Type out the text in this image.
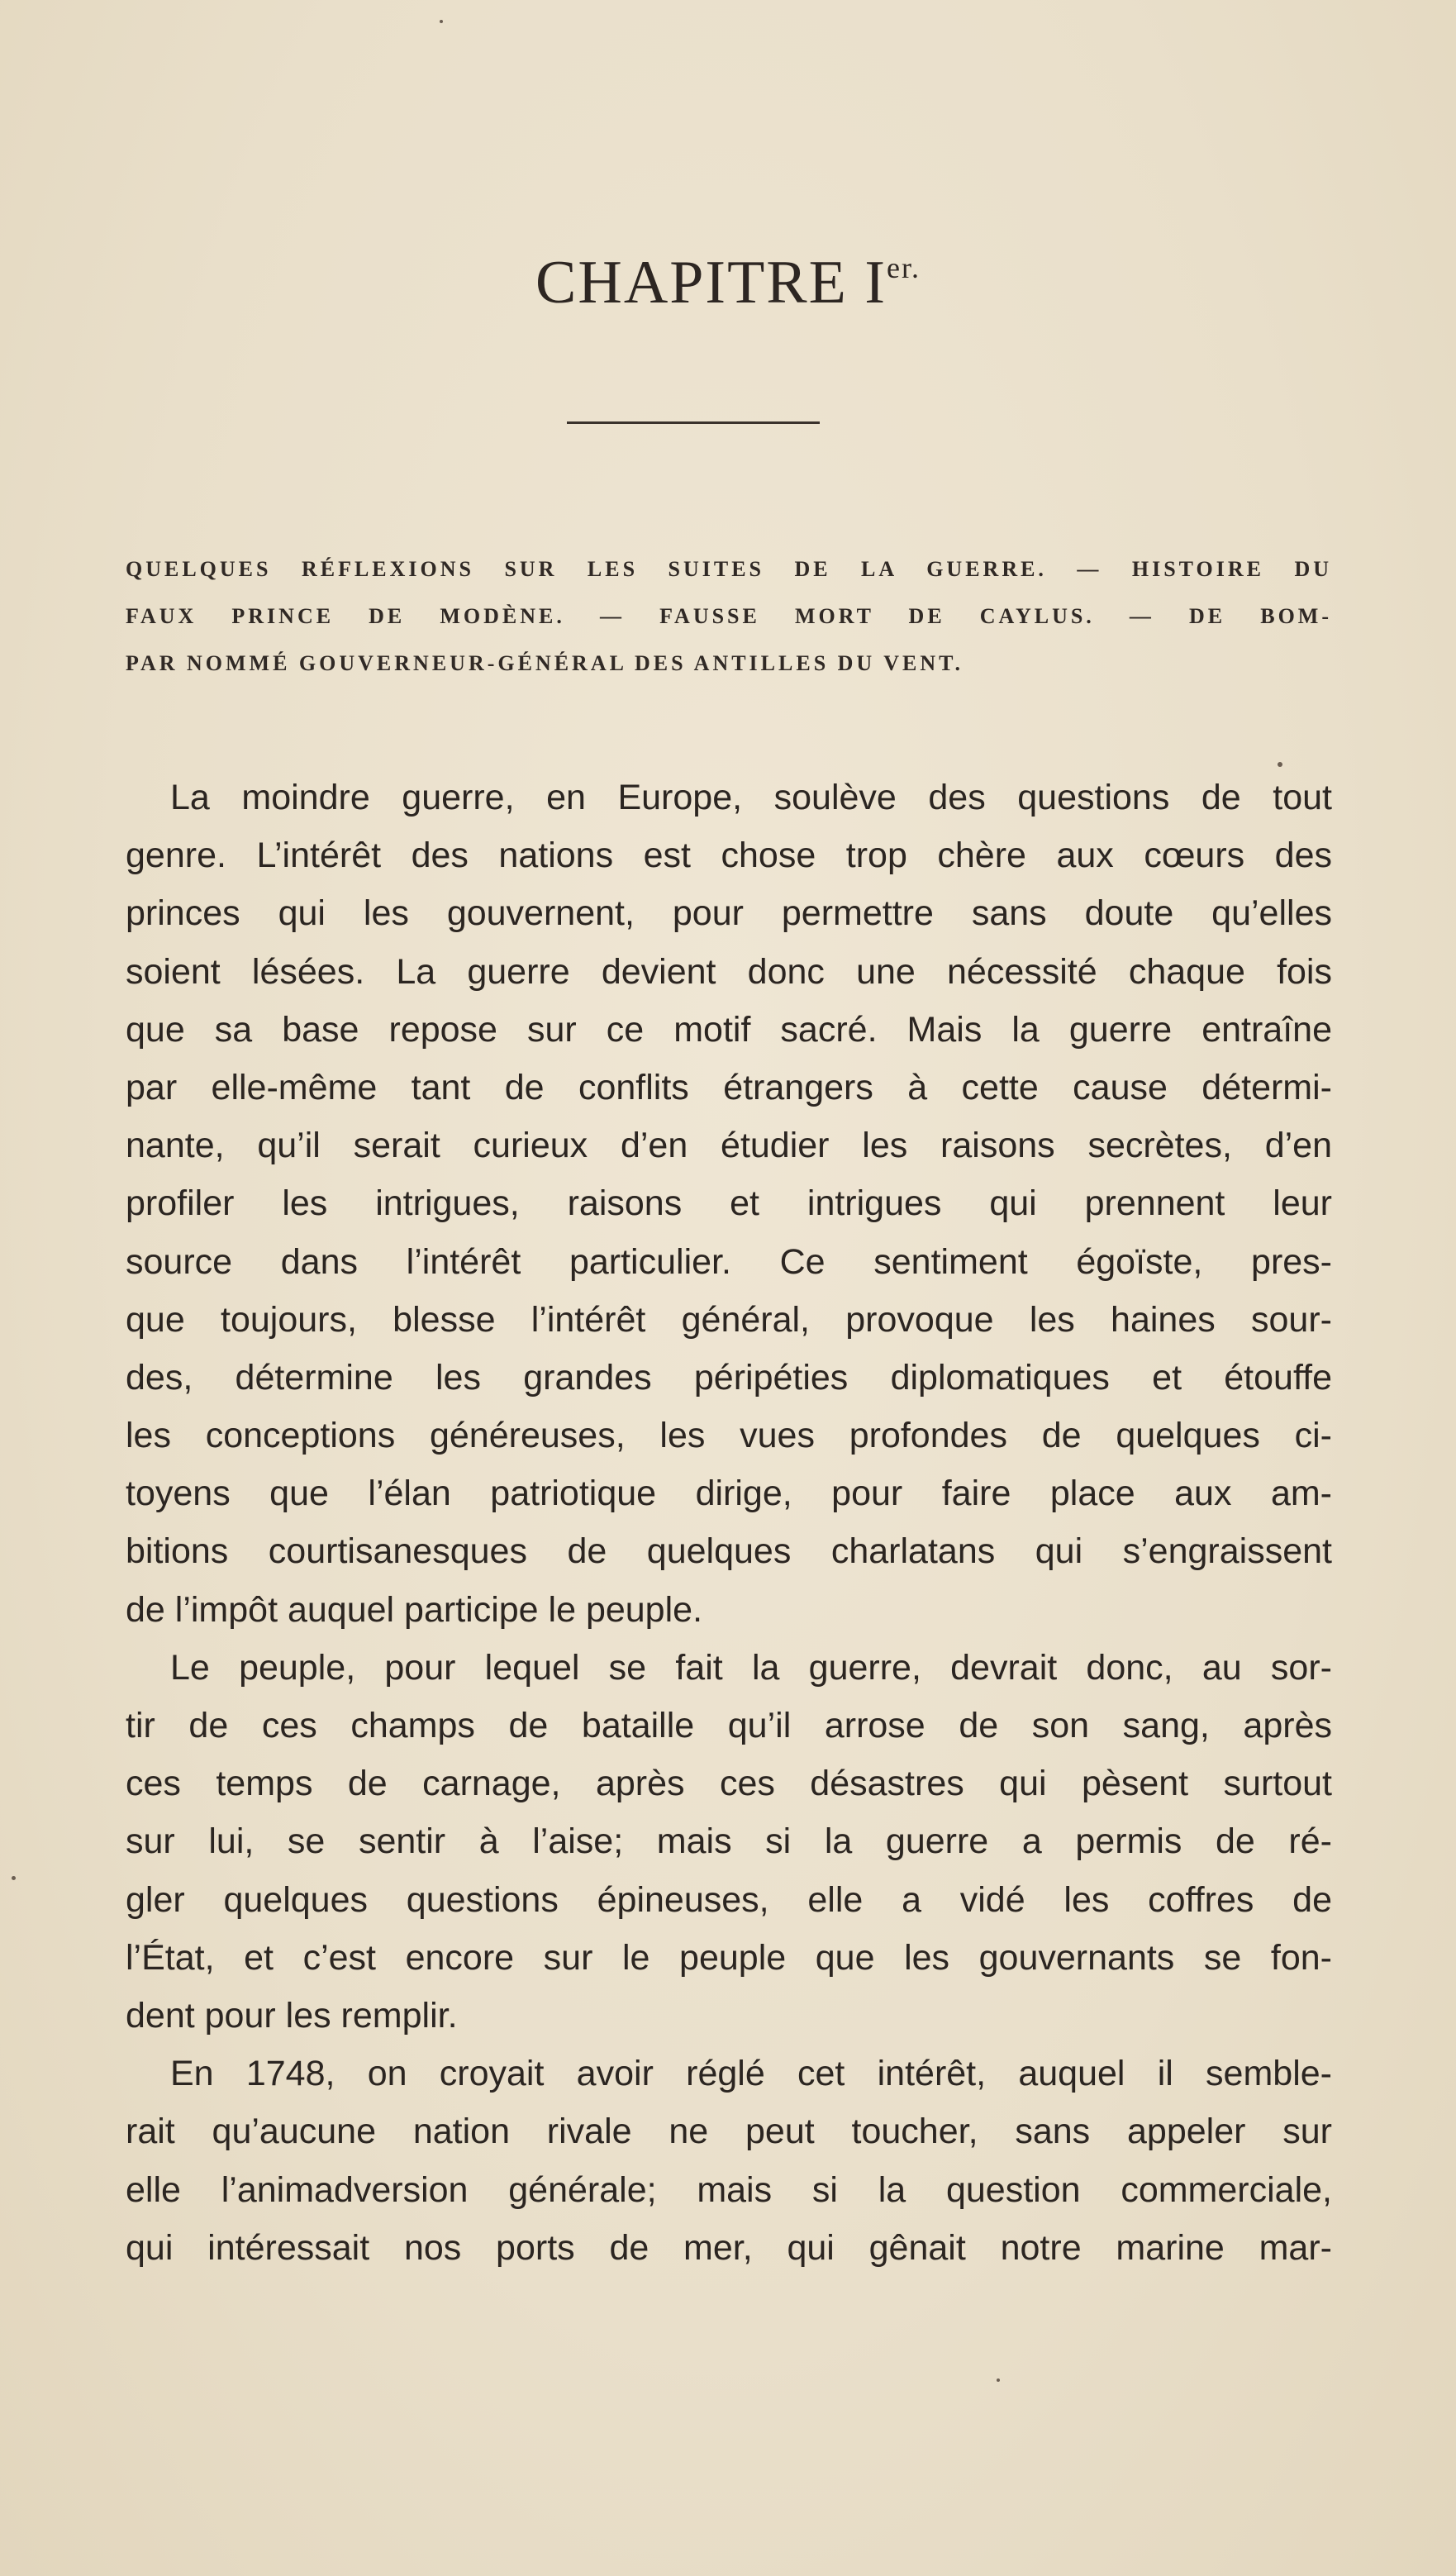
CHAPITRE $I^{er.}$
QUELQUES RÉFLEXIONS SUR LES SUITES DE LA GUERRE. — HISTOIRE DU
FAUX PRINCE DE MODÈNE. — FAUSSE MORT DE CAYLUS. — DE BOM-
PAR NOMMÉ GOUVERNEUR-GÉNÉRAL DES ANTILLES DU VENT.
La moindre guerre, en Europe, soulève des questions de tout
genre. L’intérêt des nations est chose trop chère aux cœurs des
princes qui les gouvernent, pour permettre sans doute qu’elles
soient lésées. La guerre devient donc une nécessité chaque fois
que sa base repose sur ce motif sacré. Mais la guerre entraîne
par elle-même tant de conflits étrangers à cette cause détermi-
nante, qu’il serait curieux d’en étudier les raisons secrètes, d’en
profiler les intrigues, raisons et intrigues qui prennent leur
source dans l’intérêt particulier. Ce sentiment égoïste, pres-
que toujours, blesse l’intérêt général, provoque les haines sour-
des, détermine les grandes péripéties diplomatiques et étouffe
les conceptions généreuses, les vues profondes de quelques ci-
toyens que l’élan patriotique dirige, pour faire place aux am-
bitions courtisanesques de quelques charlatans qui s’engraissent
de l’impôt auquel participe le peuple.
Le peuple, pour lequel se fait la guerre, devrait donc, au sor-
tir de ces champs de bataille qu’il arrose de son sang, après
ces temps de carnage, après ces désastres qui pèsent surtout
sur lui, se sentir à l’aise; mais si la guerre a permis de ré-
gler quelques questions épineuses, elle a vidé les coffres de
l’État, et c’est encore sur le peuple que les gouvernants se fon-
dent pour les remplir.
En 1748, on croyait avoir réglé cet intérêt, auquel il semble-
rait qu’aucune nation rivale ne peut toucher, sans appeler sur
elle l’animadversion générale; mais si la question commerciale,
qui intéressait nos ports de mer, qui gênait notre marine mar-
